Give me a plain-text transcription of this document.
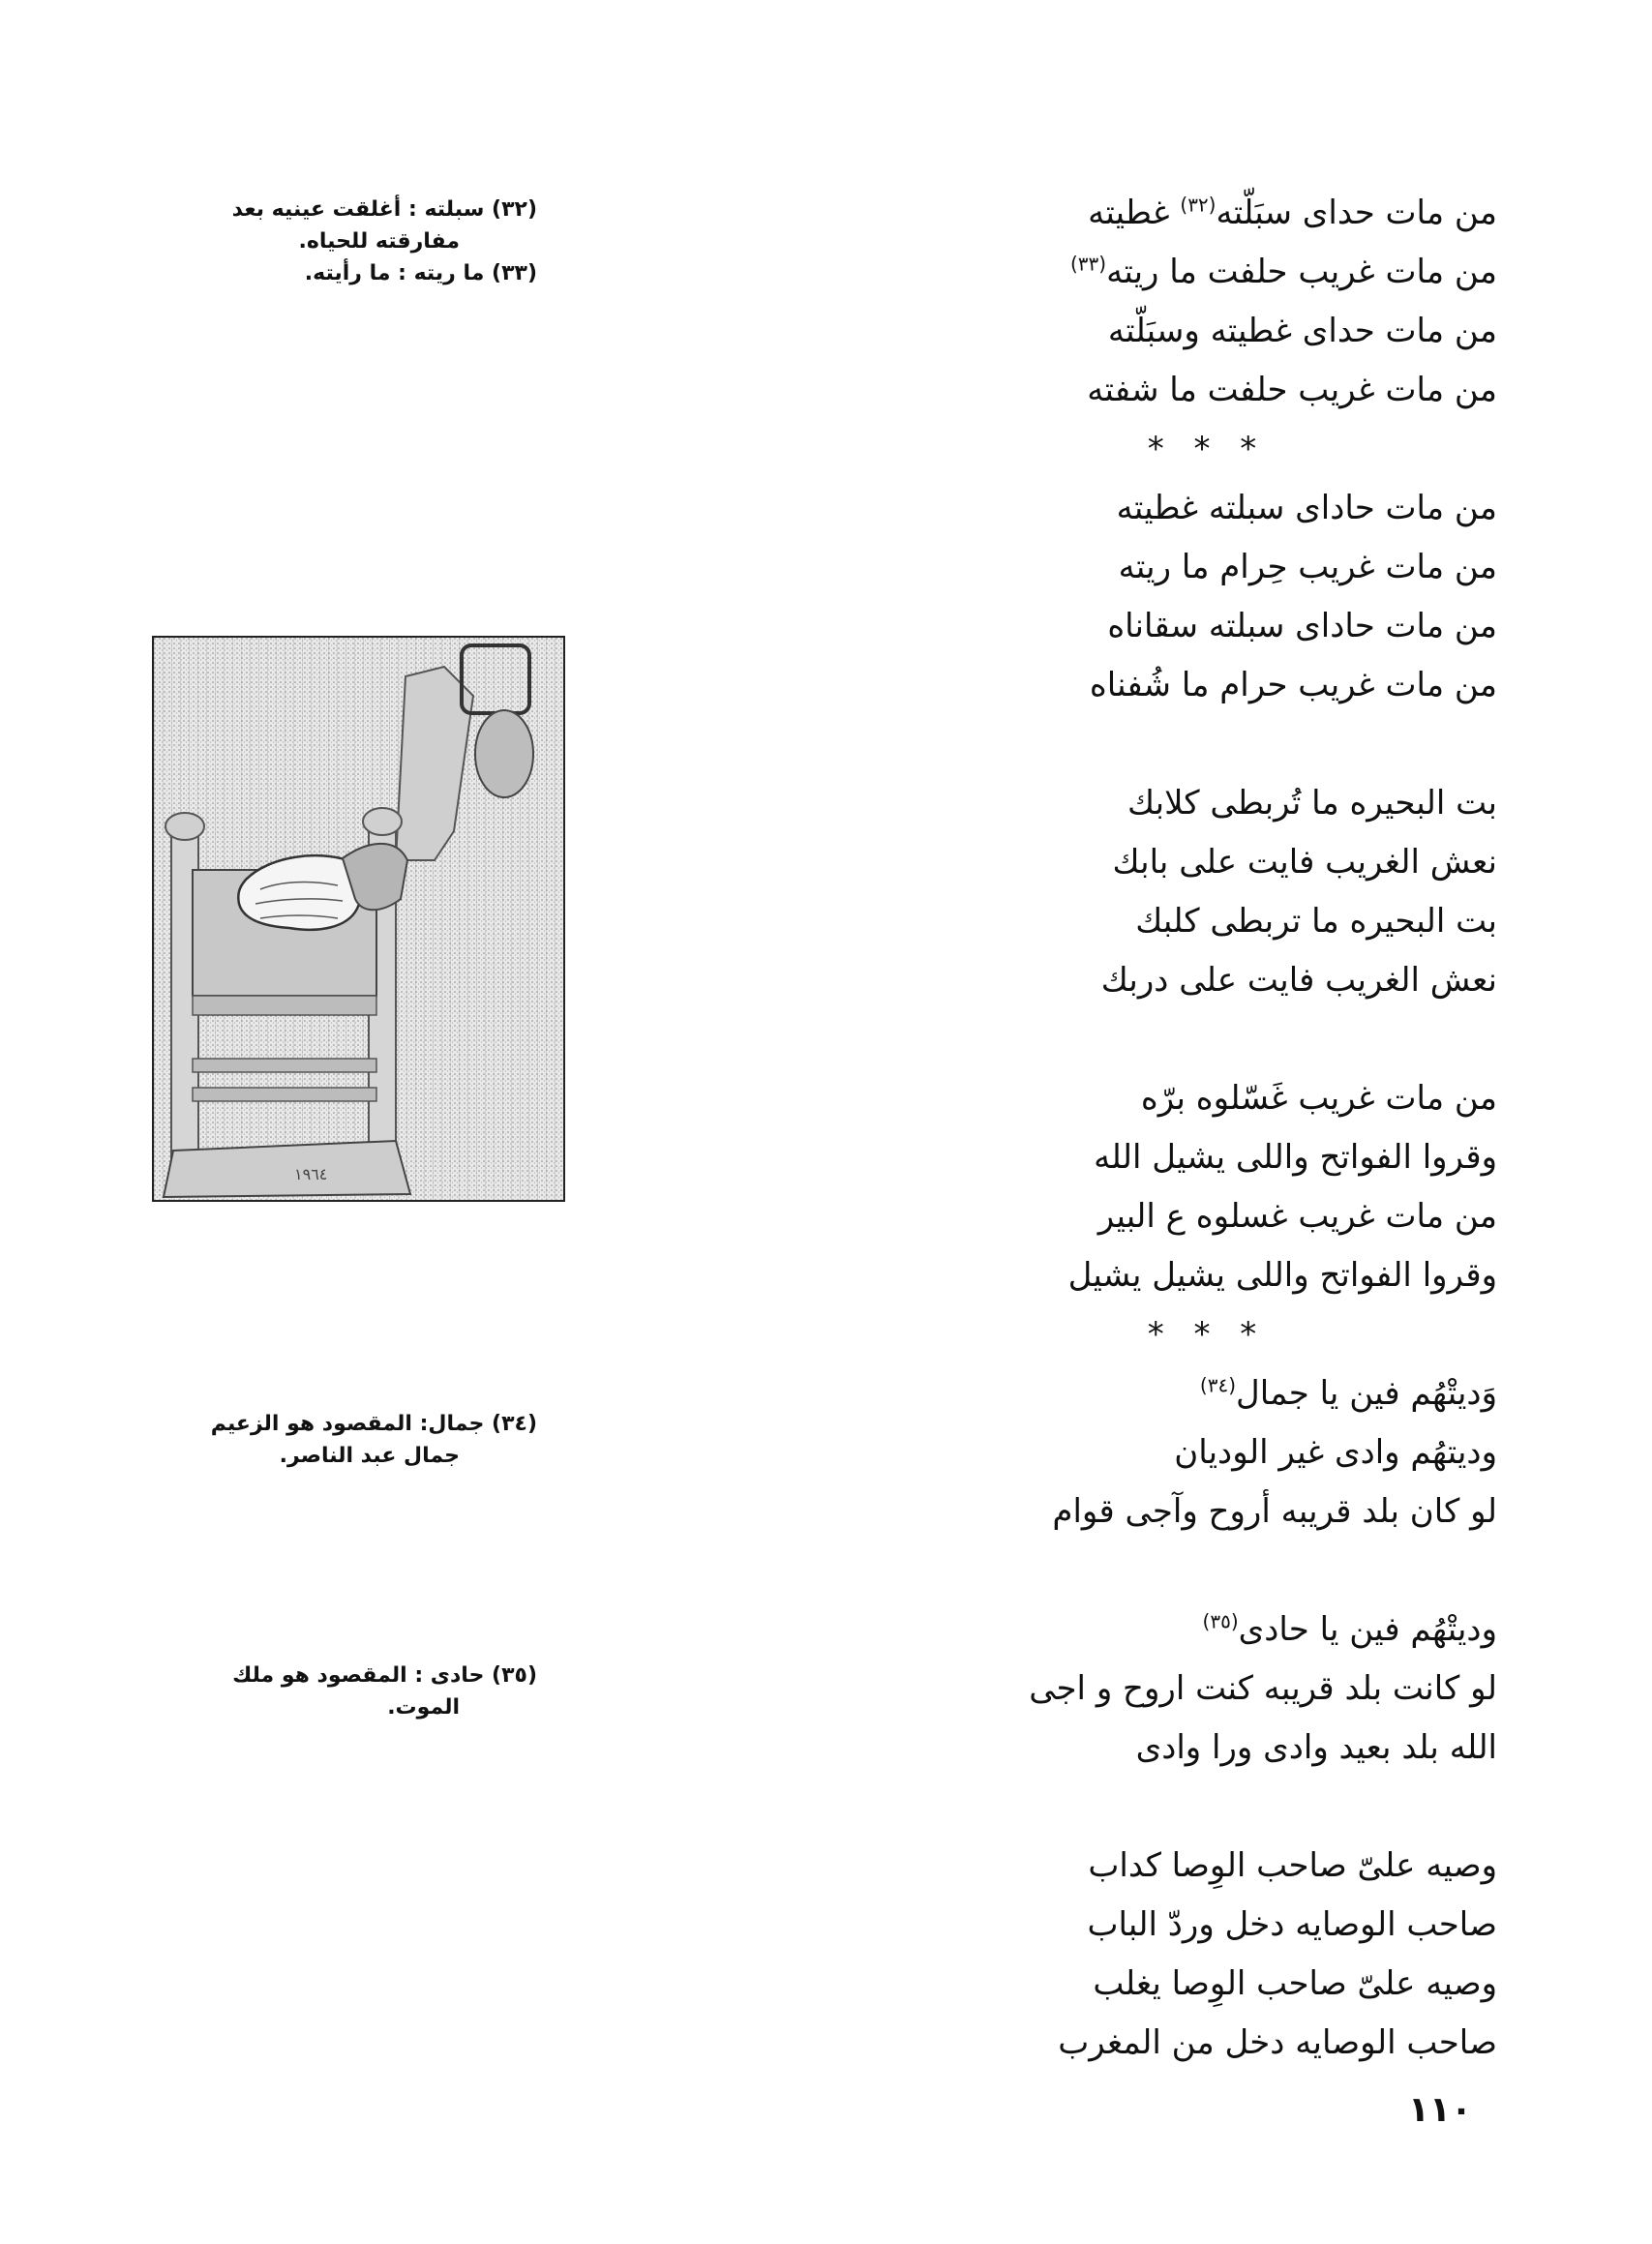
من مات حداى سبَلّته$^{(٣٢)}$ غطيته
من مات غريب حلفت ما ريته$^{(٣٣)}$
من مات حداى غطيته وسبَلّته
من مات غريب حلفت ما شفته
* * *
من مات حاداى سبلته غطيته
من مات غريب حِرام ما ريته
من مات حاداى سبلته سقاناه
من مات غريب حرام ما شُفناه
بت البحيره ما تُربطى كلابك
نعش الغريب فايت على بابك
بت البحيره ما تربطى كلبك
نعش الغريب فايت على دربك
من مات غريب غَسّلوه برّه
وقروا الفواتح واللى يشيل الله
من مات غريب غسلوه ع البير
وقروا الفواتح واللى يشيل يشيل
* * *
وَديتْهُم فين يا جمال$^{(٣٤)}$
وديتهُم وادى غير الوديان
لو كان بلد قريبه أروح وآجى قوام
وديتْهُم فين يا حادى$^{(٣٥)}$
لو كانت بلد قريبه كنت اروح و اجى
الله بلد بعيد وادى ورا وادى
وصيه علىّ صاحب الوِصا كداب
صاحب الوصايه دخل وردّ الباب
وصيه علىّ صاحب الوِصا يغلب
صاحب الوصايه دخل من المغرب
(٣٢) سبلته : أغلقت عينيه بعد
مفارقته للحياه.
(٣٣) ما ريته : ما رأيته.
(٣٤) جمال: المقصود هو الزعيم
جمال عبد الناصر.
(٣٥) حادى : المقصود هو ملك
الموت.
١٩٦٤
١١٠
